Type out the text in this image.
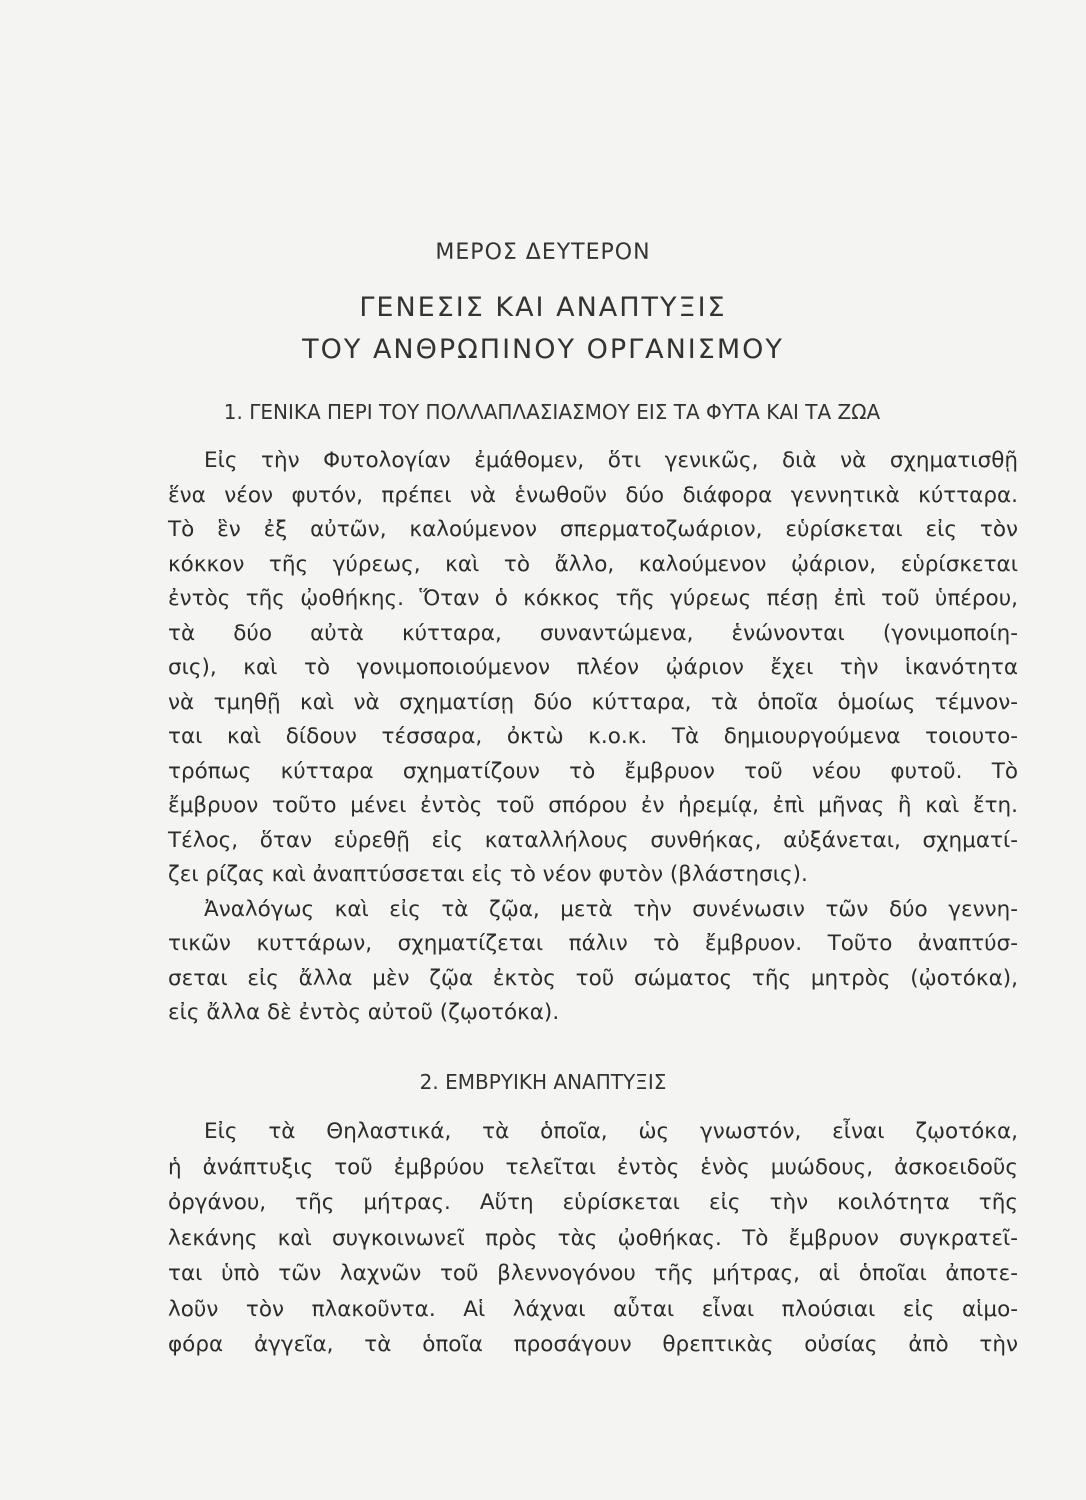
ΜΕΡΟΣ ΔΕΥΤΕΡΟΝ
ΓΕΝΕΣΙΣ ΚΑΙ ΑΝΑΠΤΥΞΙΣ
ΤΟΥ ΑΝΘΡΩΠΙΝΟΥ ΟΡΓΑΝΙΣΜΟΥ
1. ΓΕΝΙΚΑ ΠΕΡΙ ΤΟΥ ΠΟΛΛΑΠΛΑΣΙΑΣΜΟΥ ΕΙΣ ΤΑ ΦΥΤΑ ΚΑΙ ΤΑ ΖΩΑ
Εἰς τὴν Φυτολογίαν ἐμάθομεν, ὅτι γενικῶς, διὰ νὰ σχηματισθῇ
ἕνα νέον φυτόν, πρέπει νὰ ἑνωθοῦν δύο διάφορα γεννητικὰ κύτταρα.
Τὸ ἓν ἐξ αὐτῶν, καλούμενον σπερματοζωάριον, εὑρίσκεται εἰς τὸν
κόκκον τῆς γύρεως, καὶ τὸ ἄλλο, καλούμενον ᾠάριον, εὑρίσκεται
ἐντὸς τῆς ᾠοθήκης. Ὅταν ὁ κόκκος τῆς γύρεως πέσῃ ἐπὶ τοῦ ὑπέρου,
τὰ δύο αὐτὰ κύτταρα, συναντώμενα, ἑνώνονται (γονιμοποίη-
σις), καὶ τὸ γονιμοποιούμενον πλέον ᾠάριον ἔχει τὴν ἱκανότητα
νὰ τμηθῇ καὶ νὰ σχηματίσῃ δύο κύτταρα, τὰ ὁποῖα ὁμοίως τέμνον-
ται καὶ δίδουν τέσσαρα, ὀκτὼ κ.ο.κ. Τὰ δημιουργούμενα τοιουτο-
τρόπως κύτταρα σχηματίζουν τὸ ἔμβρυον τοῦ νέου φυτοῦ. Τὸ
ἔμβρυον τοῦτο μένει ἐντὸς τοῦ σπόρου ἐν ἠρεμίᾳ, ἐπὶ μῆνας ἢ καὶ ἔτη.
Τέλος, ὅταν εὑρεθῇ εἰς καταλλήλους συνθήκας, αὐξάνεται, σχηματί-
ζει ρίζας καὶ ἀναπτύσσεται εἰς τὸ νέον φυτὸν (βλάστησις).
Ἀναλόγως καὶ εἰς τὰ ζῷα, μετὰ τὴν συνένωσιν τῶν δύο γεννη-
τικῶν κυττάρων, σχηματίζεται πάλιν τὸ ἔμβρυον. Τοῦτο ἀναπτύσ-
σεται εἰς ἄλλα μὲν ζῷα ἐκτὸς τοῦ σώματος τῆς μητρὸς (ᾠοτόκα),
εἰς ἄλλα δὲ ἐντὸς αὐτοῦ (ζῳοτόκα).
2. ΕΜΒΡΥΙΚΗ ΑΝΑΠΤΥΞΙΣ
Εἰς τὰ Θηλαστικά, τὰ ὁποῖα, ὡς γνωστόν, εἶναι ζῳοτόκα,
ἡ ἀνάπτυξις τοῦ ἐμβρύου τελεῖται ἐντὸς ἑνὸς μυώδους, ἀσκοειδοῦς
ὀργάνου, τῆς μήτρας. Αὕτη εὑρίσκεται εἰς τὴν κοιλότητα τῆς
λεκάνης καὶ συγκοινωνεῖ πρὸς τὰς ᾠοθήκας. Τὸ ἔμβρυον συγκρατεῖ-
ται ὑπὸ τῶν λαχνῶν τοῦ βλεννογόνου τῆς μήτρας, αἱ ὁποῖαι ἀποτε-
λοῦν τὸν πλακοῦντα. Αἱ λάχναι αὗται εἶναι πλούσιαι εἰς αἱμο-
φόρα ἀγγεῖα, τὰ ὁποῖα προσάγουν θρεπτικὰς οὐσίας ἀπὸ τὴν
